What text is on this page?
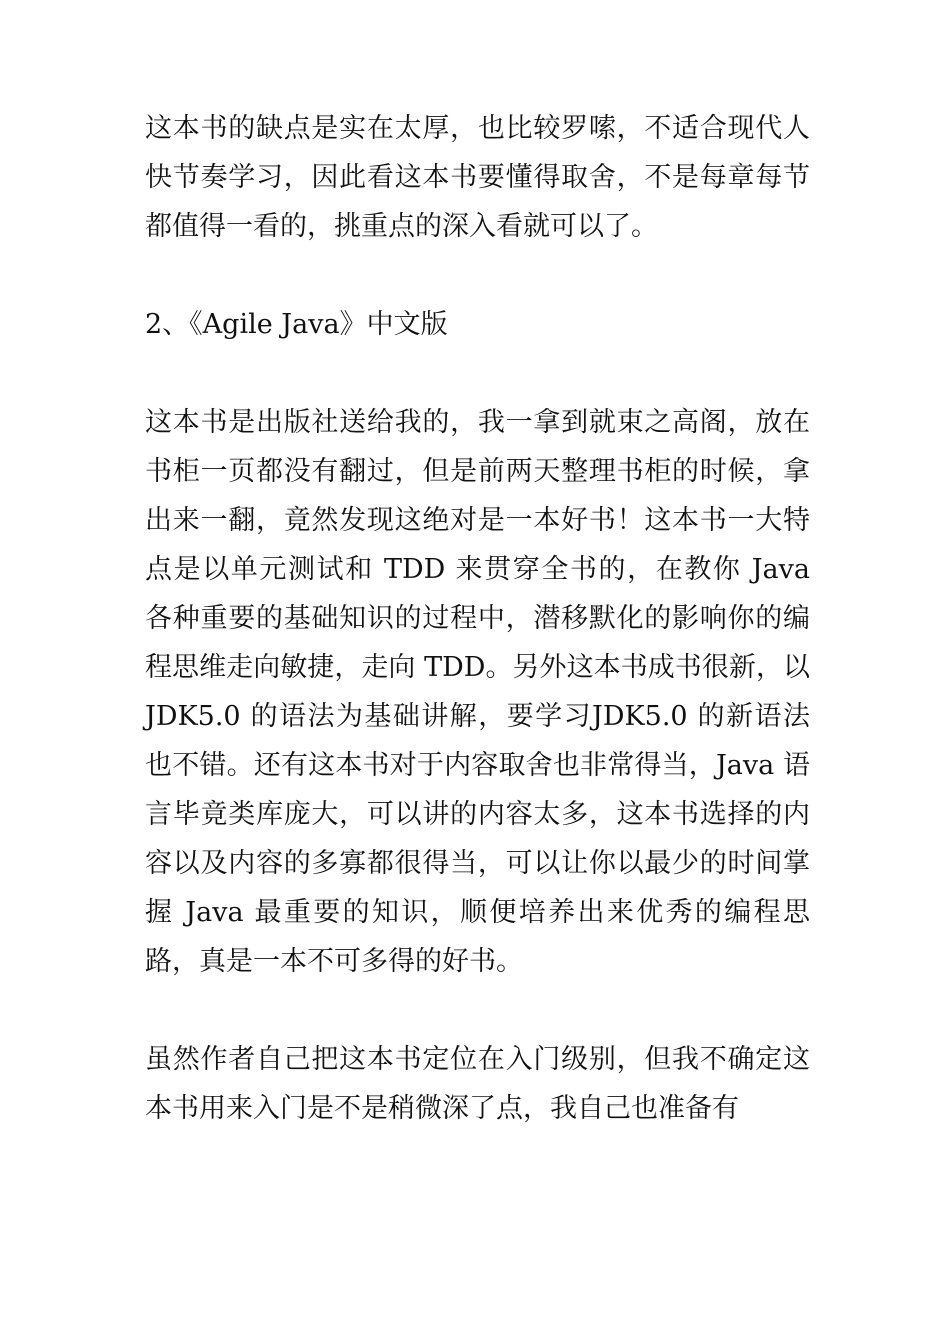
这本书的缺点是实在太厚，也比较罗嗦，不适合现代人快节奏学习，因此看这本书要懂得取舍，不是每章每节都值得一看的，挑重点的深入看就可以了。

2、《Agile Java》中文版

这本书是出版社送给我的，我一拿到就束之高阁，放在书柜一页都没有翻过，但是前两天整理书柜的时候，拿出来一翻，竟然发现这绝对是一本好书！这本书一大特点是以单元测试和 TDD 来贯穿全书的，在教你 Java 各种重要的基础知识的过程中，潜移默化的影响你的编程思维走向敏捷，走向 TDD。另外这本书成书很新，以 JDK5.0 的语法为基础讲解，要学习JDK5.0 的新语法也不错。还有这本书对于内容取舍也非常得当，Java 语言毕竟类库庞大，可以讲的内容太多，这本书选择的内容以及内容的多寡都很得当，可以让你以最少的时间掌握 Java 最重要的知识，顺便培养出来优秀的编程思路，真是一本不可多得的好书。

虽然作者自己把这本书定位在入门级别，但我不确定这本书用来入门是不是稍微深了点，我自己也准备有
